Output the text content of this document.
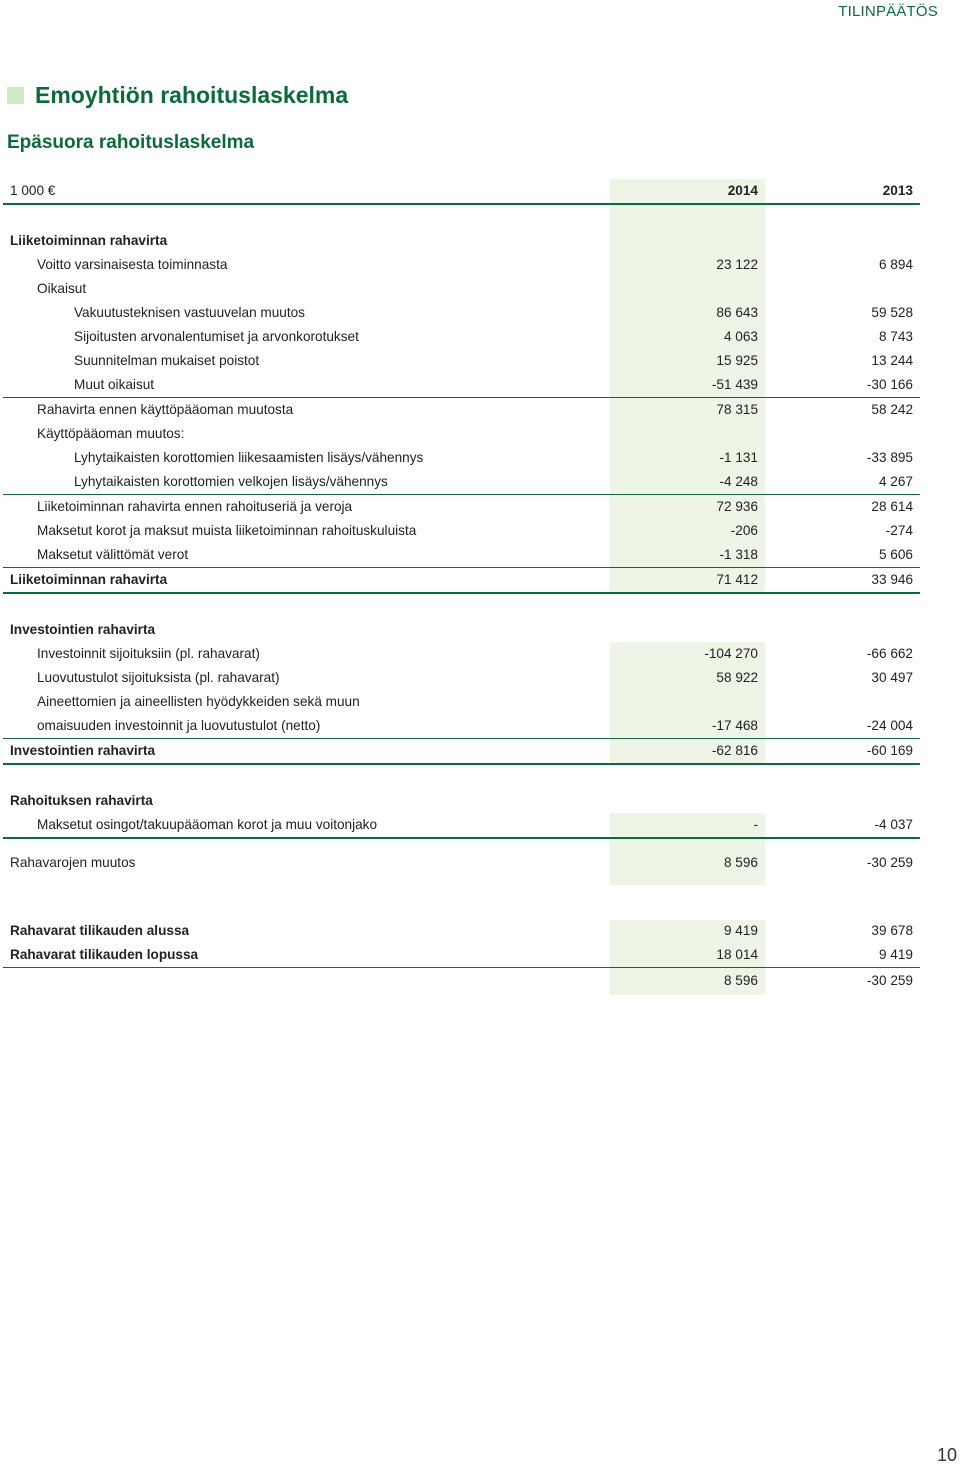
TILINPÄÄTÖS
Emoyhtiön rahoituslaskelma
Epäsuora rahoituslaskelma
1 000 €	2014	2013
Liiketoiminnan rahavirta
Voitto varsinaisesta toiminnasta	23 122	6 894
Oikaisut
Vakuutusteknisen vastuuvelan muutos	86 643	59 528
Sijoitusten arvonalentumiset ja arvonkorotukset	4 063	8 743
Suunnitelman mukaiset poistot	15 925	13 244
Muut oikaisut	-51 439	-30 166
Rahavirta ennen käyttöpääoman muutosta	78 315	58 242
Käyttöpääoman muutos:
Lyhytaikaisten korottomien liikesaamisten lisäys/vähennys	-1 131	-33 895
Lyhytaikaisten korottomien velkojen lisäys/vähennys	-4 248	4 267
Liiketoiminnan rahavirta ennen rahoituseriä ja veroja	72 936	28 614
Maksetut korot ja maksut muista liiketoiminnan rahoituskuluista	-206	-274
Maksetut välittömät verot	-1 318	5 606
Liiketoiminnan rahavirta	71 412	33 946
Investointien rahavirta
Investoinnit sijoituksiin (pl. rahavarat)	-104 270	-66 662
Luovutustulot sijoituksista (pl. rahavarat)	58 922	30 497
Aineettomien ja aineellisten hyödykkeiden sekä muun
omaisuuden investoinnit ja luovutustulot (netto)	-17 468	-24 004
Investointien rahavirta	-62 816	-60 169
Rahoituksen rahavirta
Maksetut osingot/takuupääoman korot ja muu voitonjako	-	-4 037
Rahavarojen muutos	8 596	-30 259
Rahavarat tilikauden alussa	9 419	39 678
Rahavarat tilikauden lopussa	18 014	9 419
8 596	-30 259
10
